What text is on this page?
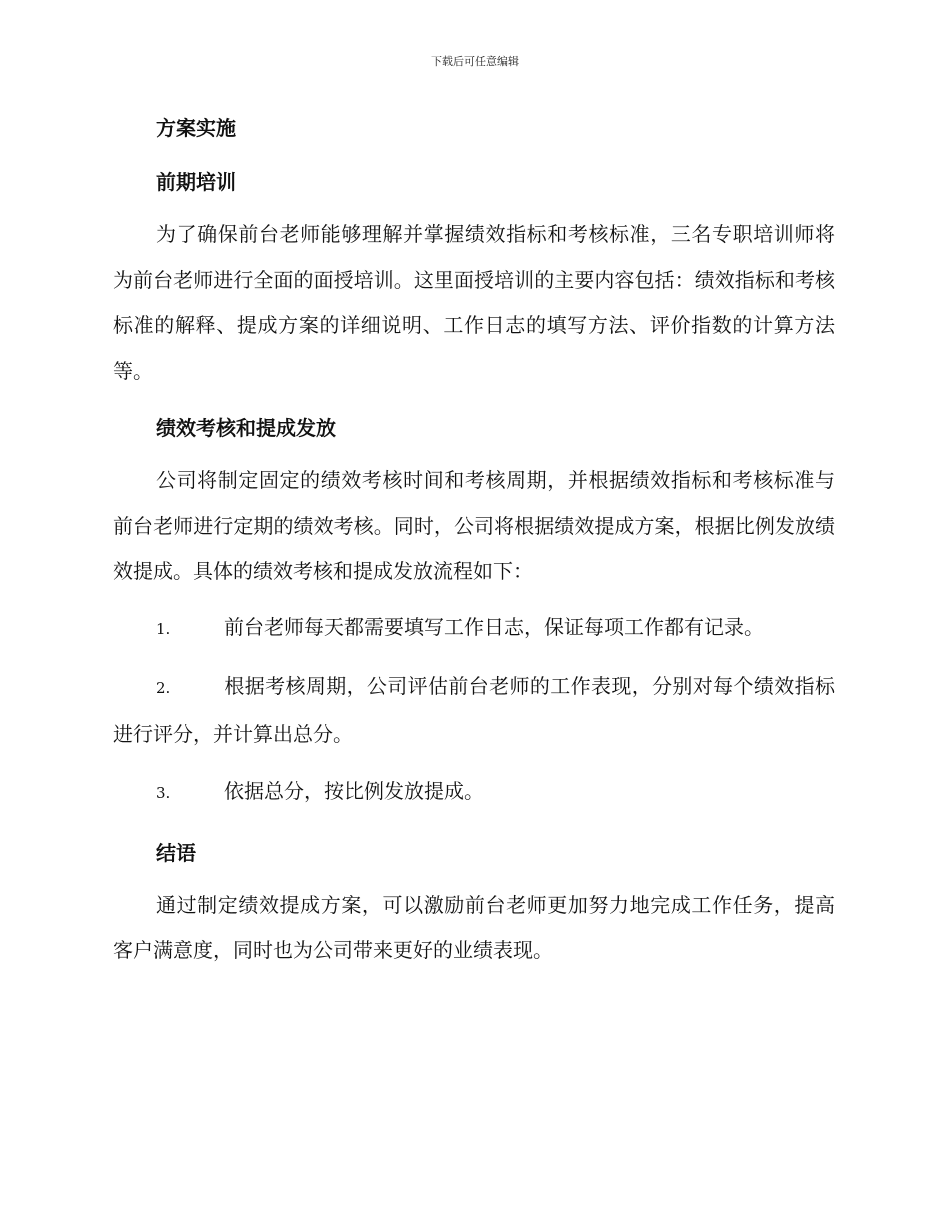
下载后可任意编辑
方案实施
前期培训

为了确保前台老师能够理解并掌握绩效指标和考核标准，三名专职培训师将为前台老师进行全面的面授培训。这里面授培训的主要内容包括：绩效指标和考核标准的解释、提成方案的详细说明、工作日志的填写方法、评价指数的计算方法等。

绩效考核和提成发放

公司将制定固定的绩效考核时间和考核周期，并根据绩效指标和考核标准与前台老师进行定期的绩效考核。同时，公司将根据绩效提成方案，根据比例发放绩效提成。具体的绩效考核和提成发放流程如下：

1.	前台老师每天都需要填写工作日志，保证每项工作都有记录。

2.	根据考核周期，公司评估前台老师的工作表现，分别对每个绩效指标进行评分，并计算出总分。

3.	依据总分，按比例发放提成。

结语

通过制定绩效提成方案，可以激励前台老师更加努力地完成工作任务，提高客户满意度，同时也为公司带来更好的业绩表现。
